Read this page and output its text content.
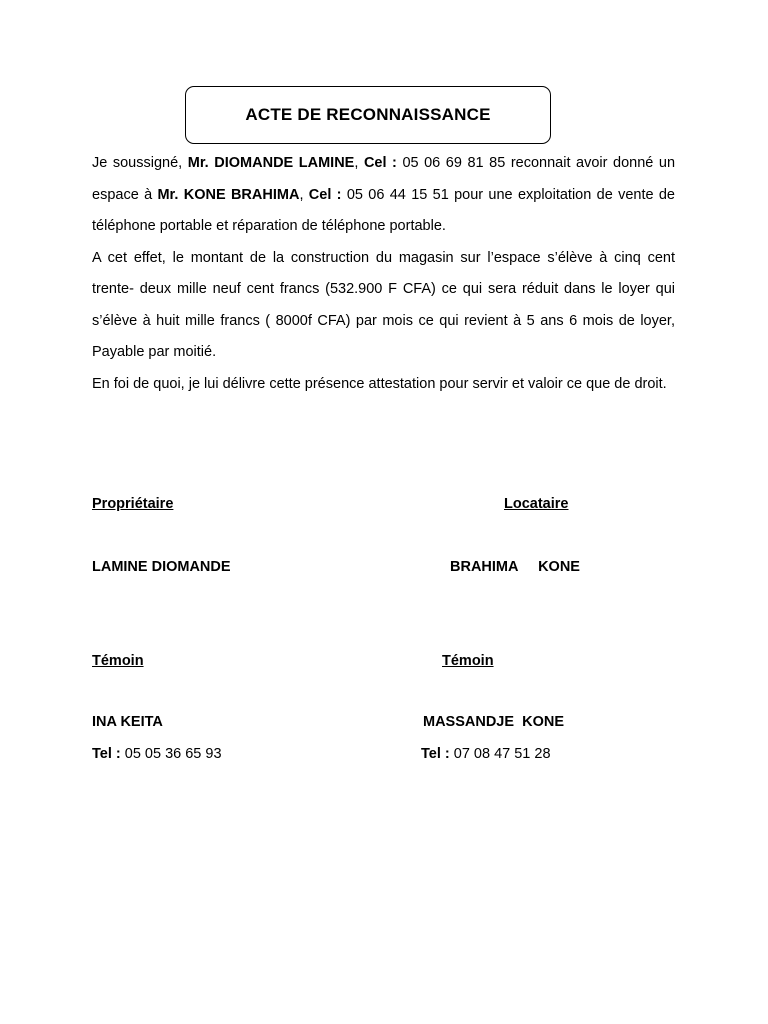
ACTE DE RECONNAISSANCE

Je soussigné, Mr. DIOMANDE LAMINE, Cel : 05 06 69 81 85 reconnait avoir donné un espace à Mr. KONE BRAHIMA, Cel : 05 06 44 15 51 pour une exploitation de vente de téléphone portable et réparation de téléphone portable.

A cet effet, le montant de la construction du magasin sur l’espace s’élève à cinq cent trente- deux mille neuf cent francs (532.900 F CFA) ce qui sera réduit dans le loyer qui s’élève à huit mille francs ( 8000f CFA) par mois ce qui revient à 5 ans 6 mois de loyer, Payable par moitié.

En foi de quoi, je lui délivre cette présence attestation pour servir et valoir ce que de droit.

Propriétaire	Locataire
LAMINE DIOMANDE	BRAHIMA     KONE
Témoin	Témoin
INA KEITA	MASSANDJE  KONE
Tel : 05 05 36 65 93	Tel : 07 08 47 51 28
